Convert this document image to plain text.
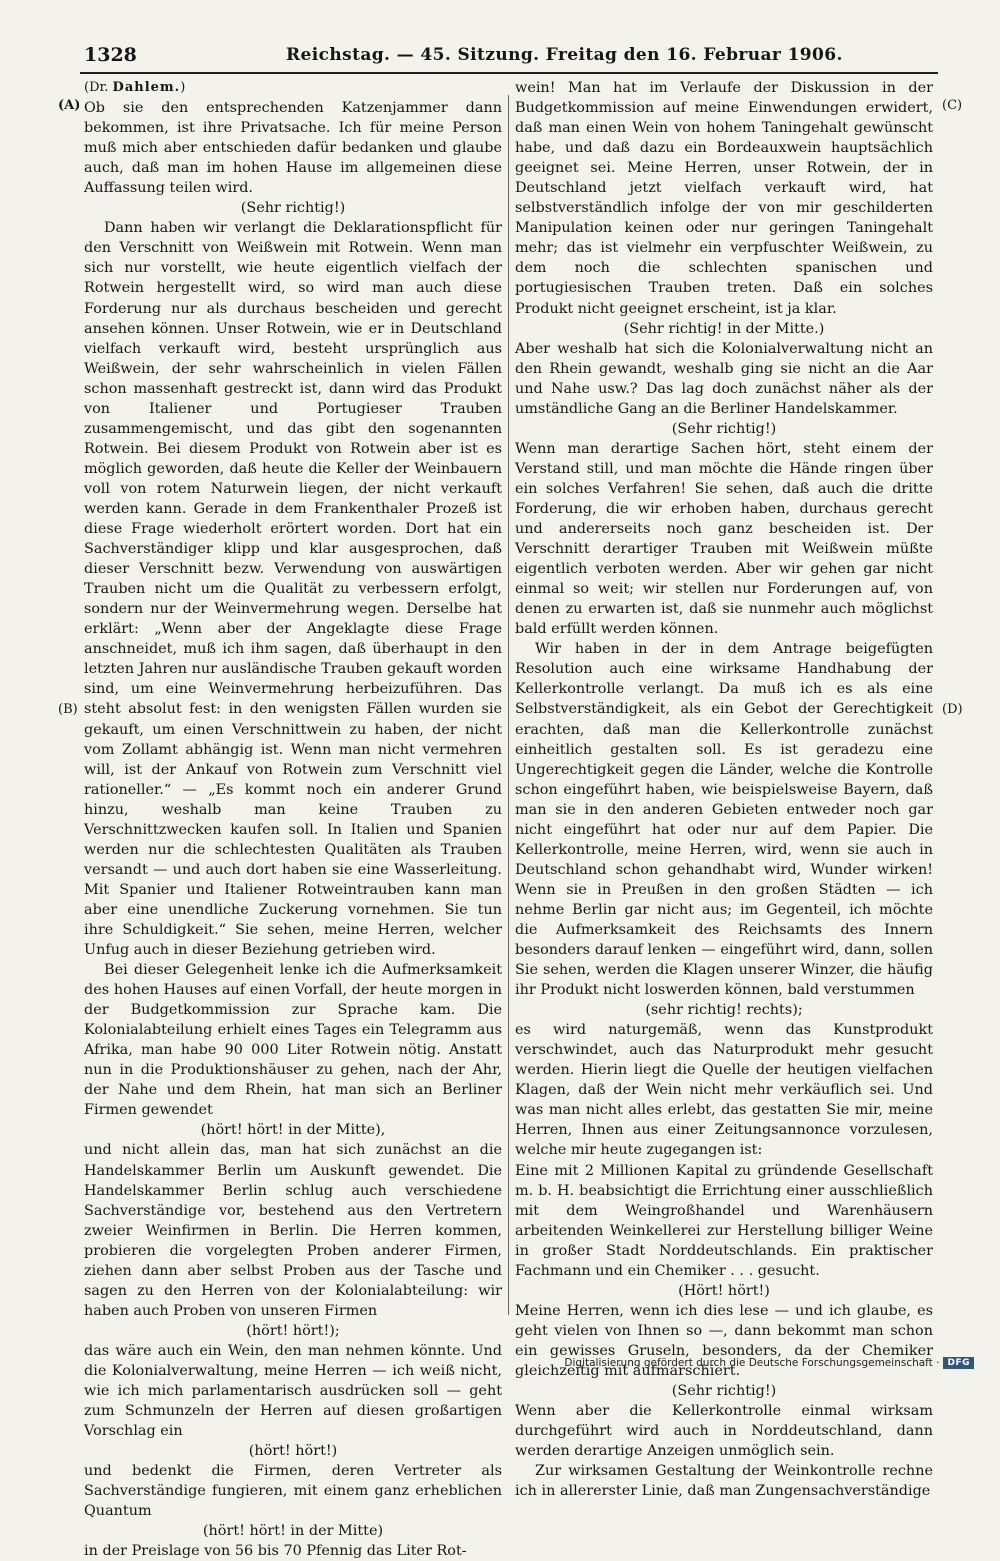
1328	Reichstag. — 45. Sitzung. Freitag den 16. Februar 1906.
(A)
(B)
(C)
(D)

(Dr. Dahlem.)

Ob sie den entsprechenden Katzenjammer dann bekommen, ist ihre Privatsache. Ich für meine Person muß mich aber entschieden dafür bedanken und glaube auch, daß man im hohen Hause im allgemeinen diese Auffassung teilen wird.

(Sehr richtig!)

Dann haben wir verlangt die Deklarationspflicht für den Verschnitt von Weißwein mit Rotwein. Wenn man sich nur vorstellt, wie heute eigentlich vielfach der Rotwein hergestellt wird, so wird man auch diese Forderung nur als durchaus bescheiden und gerecht ansehen können. Unser Rotwein, wie er in Deutschland vielfach verkauft wird, besteht ursprünglich aus Weißwein, der sehr wahrscheinlich in vielen Fällen schon massenhaft gestreckt ist, dann wird das Produkt von Italiener und Portugieser Trauben zusammengemischt, und das gibt den sogenannten Rotwein. Bei diesem Produkt von Rotwein aber ist es möglich geworden, daß heute die Keller der Weinbauern voll von rotem Naturwein liegen, der nicht verkauft werden kann. Gerade in dem Frankenthaler Prozeß ist diese Frage wiederholt erörtert worden. Dort hat ein Sachverständiger klipp und klar ausgesprochen, daß dieser Verschnitt bezw. Verwendung von auswärtigen Trauben nicht um die Qualität zu verbessern erfolgt, sondern nur der Weinvermehrung wegen. Derselbe hat erklärt: „Wenn aber der Angeklagte diese Frage anschneidet, muß ich ihm sagen, daß überhaupt in den letzten Jahren nur ausländische Trauben gekauft worden sind, um eine Weinvermehrung herbeizuführen. Das steht absolut fest: in den wenigsten Fällen wurden sie gekauft, um einen Verschnittwein zu haben, der nicht vom Zollamt abhängig ist. Wenn man nicht vermehren will, ist der Ankauf von Rotwein zum Verschnitt viel rationeller.“ — „Es kommt noch ein anderer Grund hinzu, weshalb man keine Trauben zu Verschnittzwecken kaufen soll. In Italien und Spanien werden nur die schlechtesten Qualitäten als Trauben versandt — und auch dort haben sie eine Wasserleitung. Mit Spanier und Italiener Rotweintrauben kann man aber eine unendliche Zuckerung vornehmen. Sie tun ihre Schuldigkeit.“ Sie sehen, meine Herren, welcher Unfug auch in dieser Beziehung getrieben wird.

Bei dieser Gelegenheit lenke ich die Aufmerksamkeit des hohen Hauses auf einen Vorfall, der heute morgen in der Budgetkommission zur Sprache kam. Die Kolonialabteilung erhielt eines Tages ein Telegramm aus Afrika, man habe 90 000 Liter Rotwein nötig. Anstatt nun in die Produktionshäuser zu gehen, nach der Ahr, der Nahe und dem Rhein, hat man sich an Berliner Firmen gewendet

(hört! hört! in der Mitte),

und nicht allein das, man hat sich zunächst an die Handelskammer Berlin um Auskunft gewendet. Die Handelskammer Berlin schlug auch verschiedene Sachverständige vor, bestehend aus den Vertretern zweier Weinfirmen in Berlin. Die Herren kommen, probieren die vorgelegten Proben anderer Firmen, ziehen dann aber selbst Proben aus der Tasche und sagen zu den Herren von der Kolonialabteilung: wir haben auch Proben von unseren Firmen

(hört! hört!);

das wäre auch ein Wein, den man nehmen könnte. Und die Kolonialverwaltung, meine Herren — ich weiß nicht, wie ich mich parlamentarisch ausdrücken soll — geht zum Schmunzeln der Herren auf diesen großartigen Vorschlag ein

(hört! hört!)

und bedenkt die Firmen, deren Vertreter als Sachverständige fungieren, mit einem ganz erheblichen Quantum

(hört! hört! in der Mitte)

in der Preislage von 56 bis 70 Pfennig das Liter Rot-

wein! Man hat im Verlaufe der Diskussion in der Budgetkommission auf meine Einwendungen erwidert, daß man einen Wein von hohem Taningehalt gewünscht habe, und daß dazu ein Bordeauxwein hauptsächlich geeignet sei. Meine Herren, unser Rotwein, der in Deutschland jetzt vielfach verkauft wird, hat selbstverständlich infolge der von mir geschilderten Manipulation keinen oder nur geringen Taningehalt mehr; das ist vielmehr ein verpfuschter Weißwein, zu dem noch die schlechten spanischen und portugiesischen Trauben treten. Daß ein solches Produkt nicht geeignet erscheint, ist ja klar.

(Sehr richtig! in der Mitte.)

Aber weshalb hat sich die Kolonialverwaltung nicht an den Rhein gewandt, weshalb ging sie nicht an die Aar und Nahe usw.? Das lag doch zunächst näher als der umständliche Gang an die Berliner Handelskammer.

(Sehr richtig!)

Wenn man derartige Sachen hört, steht einem der Verstand still, und man möchte die Hände ringen über ein solches Verfahren! Sie sehen, daß auch die dritte Forderung, die wir erhoben haben, durchaus gerecht und andererseits noch ganz bescheiden ist. Der Verschnitt derartiger Trauben mit Weißwein müßte eigentlich verboten werden. Aber wir gehen gar nicht einmal so weit; wir stellen nur Forderungen auf, von denen zu erwarten ist, daß sie nunmehr auch möglichst bald erfüllt werden können.

Wir haben in der in dem Antrage beigefügten Resolution auch eine wirksame Handhabung der Kellerkontrolle verlangt. Da muß ich es als eine Selbstverständigkeit, als ein Gebot der Gerechtigkeit erachten, daß man die Kellerkontrolle zunächst einheitlich gestalten soll. Es ist geradezu eine Ungerechtigkeit gegen die Länder, welche die Kontrolle schon eingeführt haben, wie beispielsweise Bayern, daß man sie in den anderen Gebieten entweder noch gar nicht eingeführt hat oder nur auf dem Papier. Die Kellerkontrolle, meine Herren, wird, wenn sie auch in Deutschland schon gehandhabt wird, Wunder wirken! Wenn sie in Preußen in den großen Städten — ich nehme Berlin gar nicht aus; im Gegenteil, ich möchte die Aufmerksamkeit des Reichsamts des Innern besonders darauf lenken — eingeführt wird, dann, sollen Sie sehen, werden die Klagen unserer Winzer, die häufig ihr Produkt nicht loswerden können, bald verstummen

(sehr richtig! rechts);

es wird naturgemäß, wenn das Kunstprodukt verschwindet, auch das Naturprodukt mehr gesucht werden. Hierin liegt die Quelle der heutigen vielfachen Klagen, daß der Wein nicht mehr verkäuflich sei. Und was man nicht alles erlebt, das gestatten Sie mir, meine Herren, Ihnen aus einer Zeitungsannonce vorzulesen, welche mir heute zugegangen ist:

Eine mit 2 Millionen Kapital zu gründende Gesellschaft m. b. H. beabsichtigt die Errichtung einer ausschließlich mit dem Weingroßhandel und Warenhäusern arbeitenden Weinkellerei zur Herstellung billiger Weine in großer Stadt Norddeutschlands. Ein praktischer Fachmann und ein Chemiker . . . gesucht.

(Hört! hört!)

Meine Herren, wenn ich dies lese — und ich glaube, es geht vielen von Ihnen so —, dann bekommt man schon ein gewisses Gruseln, besonders, da der Chemiker gleichzeitig mit aufmarschiert.

(Sehr richtig!)

Wenn aber die Kellerkontrolle einmal wirksam durchgeführt wird auch in Norddeutschland, dann werden derartige Anzeigen unmöglich sein.

Zur wirksamen Gestaltung der Weinkontrolle rechne ich in allererster Linie, daß man Zungensachverständige

Digitalisierung gefördert durch die Deutsche Forschungsgemeinschaft · DFG
